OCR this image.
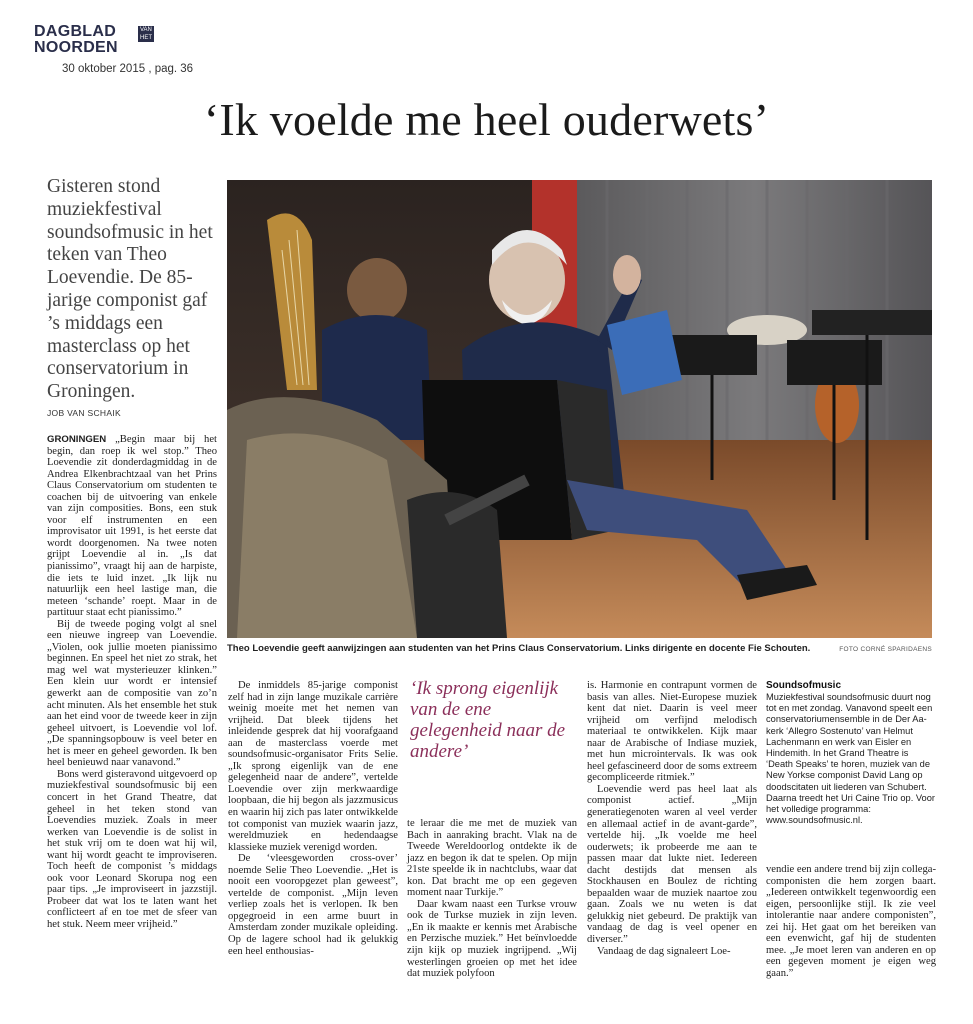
DAGBLAD
NOORDEN
VAN
HET
30 oktober 2015 , pag. 36
‘Ik voelde me heel ouderwets’
Gisteren stond muziekfestival soundsofmusic in het teken van Theo Loevendie. De 85-jarige componist gaf ’s middags een masterclass op het conservatorium in Groningen.
JOB VAN SCHAIK

GRONINGEN „Begin maar bij het begin, dan roep ik wel stop.” Theo Loevendie zit donderdagmiddag in de Andrea Elkenbrachtzaal van het Prins Claus Conservatorium om studenten te coachen bij de uitvoering van enkele van zijn composities. Bons, een stuk voor elf instrumenten en een improvisator uit 1991, is het eerste dat wordt doorgenomen. Na twee noten grijpt Loevendie al in. „Is dat pianissimo”, vraagt hij aan de harpiste, die iets te luid inzet. „Ik lijk nu natuurlijk een heel lastige man, die meteen ‘schande’ roept. Maar in de partituur staat echt pianissimo.”

Bij de tweede poging volgt al snel een nieuwe ingreep van Loevendie. „Violen, ook jullie moeten pianissimo beginnen. En speel het niet zo strak, het mag wel wat mysterieuzer klinken.” Een klein uur wordt er intensief gewerkt aan de compositie van zo’n acht minuten. Als het ensemble het stuk aan het eind voor de tweede keer in zijn geheel uitvoert, is Loevendie vol lof. „De spanningsopbouw is veel beter en het is meer en geheel geworden. Ik ben heel benieuwd naar vanavond.”

Bons werd gisteravond uitgevoerd op muziekfestival soundsofmusic bij een concert in het Grand Theatre, dat geheel in het teken stond van Loevendies muziek. Zoals in meer werken van Loevendie is de solist in het stuk vrij om te doen wat hij wil, want hij wordt geacht te improviseren. Toch heeft de componist ’s middags ook voor Leonard Skorupa nog een paar tips. „Je improviseert in jazzstijl. Probeer dat wat los te laten want het conflicteert af en toe met de sfeer van het stuk. Neem meer vrijheid.”

Theo Loevendie geeft aanwijzingen aan studenten van het Prins Claus Conservatorium. Links dirigente en docente Fie Schouten.	FOTO CORNÉ SPARIDAENS

De inmiddels 85-jarige componist zelf had in zijn lange muzikale carrière weinig moeite met het nemen van vrijheid. Dat bleek tijdens het inleidende gesprek dat hij voorafgaand aan de masterclass voerde met soundsofmusic-organisator Frits Selie. „Ik sprong eigenlijk van de ene gelegenheid naar de andere”, vertelde Loevendie over zijn merkwaardige loopbaan, die hij begon als jazzmusicus en waarin hij zich pas later ontwikkelde tot componist van muziek waarin jazz, wereldmuziek en hedendaagse klassieke muziek verenigd worden.

De ‘vleesgeworden cross-over’ noemde Selie Theo Loevendie. „Het is nooit een vooropgezet plan geweest”, vertelde de componist. „Mijn leven verliep zoals het is verlopen. Ik ben opgegroeid in een arme buurt in Amsterdam zonder muzikale opleiding. Op de lagere school had ik gelukkig een heel enthousias-

‘Ik sprong eigenlijk van de ene gelegenheid naar de andere’

te leraar die me met de muziek van Bach in aanraking bracht. Vlak na de Tweede Wereldoorlog ontdekte ik de jazz en begon ik dat te spelen. Op mijn 21ste speelde ik in nachtclubs, waar dat kon. Dat bracht me op een gegeven moment naar Turkije.”

Daar kwam naast een Turkse vrouw ook de Turkse muziek in zijn leven. „En ik maakte er kennis met Arabische en Perzische muziek.” Het beïnvloedde zijn kijk op muziek ingrijpend. „Wij westerlingen groeien op met het idee dat muziek polyfoon

is. Harmonie en contrapunt vormen de basis van alles. Niet-Europese muziek kent dat niet. Daarin is veel meer vrijheid om verfijnd melodisch materiaal te ontwikkelen. Kijk maar naar de Arabische of Indiase muziek, met hun microintervals. Ik was ook heel gefascineerd door de soms extreem gecompliceerde ritmiek.”

Loevendie werd pas heel laat als componist actief. „Mijn generatiegenoten waren al veel verder en allemaal actief in de avant-garde”, vertelde hij. „Ik voelde me heel ouderwets; ik probeerde me aan te passen maar dat lukte niet. Iedereen dacht destijds dat mensen als Stockhausen en Boulez de richting bepaalden waar de muziek naartoe zou gaan. Zoals we nu weten is dat gelukkig niet gebeurd. De praktijk van vandaag de dag is veel opener en diverser.”

Vandaag de dag signaleert Loe-

Soundsofmusic
Muziekfestival soundsofmusic duurt nog tot en met zondag. Vanavond speelt een conservatoriumensemble in de Der Aa-kerk ‘Allegro Sostenuto’ van Helmut Lachenmann en werk van Eisler en Hindemith. In het Grand Theatre is ‘Death Speaks’ te horen, muziek van de New Yorkse componist David Lang op doodscitaten uit liederen van Schubert. Daarna treedt het Uri Caine Trio op. Voor het volledige programma: www.soundsofmusic.nl.

vendie een andere trend bij zijn collega-componisten die hem zorgen baart. „Iedereen ontwikkelt tegenwoordig een eigen, persoonlijke stijl. Ik zie veel intolerantie naar andere componisten”, zei hij. Het gaat om het bereiken van een evenwicht, gaf hij de studenten mee. „Je moet leren van anderen en op een gegeven moment je eigen weg gaan.”
